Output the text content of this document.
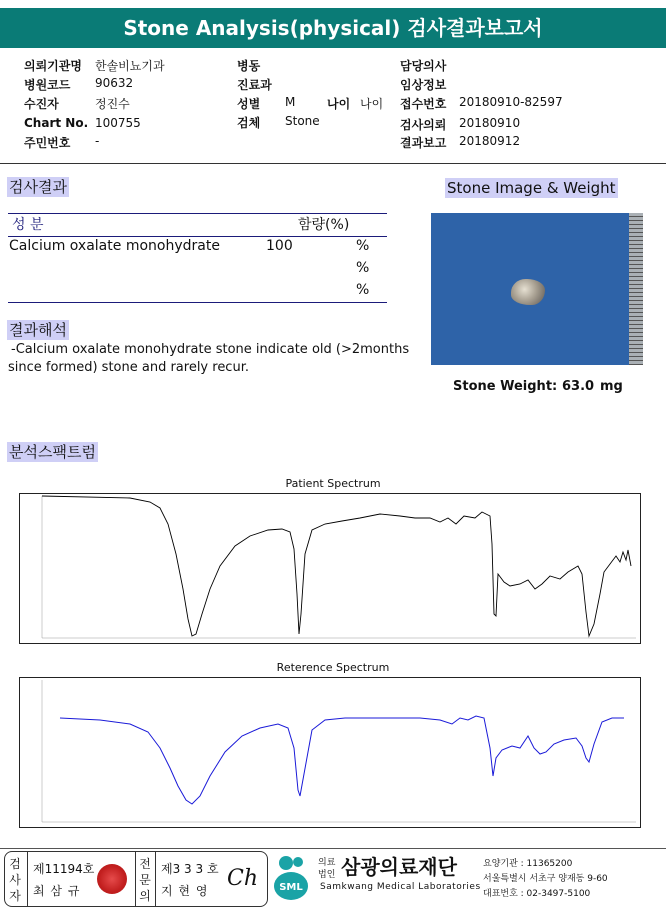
Stone Analysis(physical) 검사결과보고서
의뢰기관명 한솔비뇨기과
병원코드 90632
수진자	정진수
Chart No. 100755
주민번호 -
병동
진료과
성별 M	나이 나이
검체 Stone
담당의사
임상정보
접수번호 20180910-82597
검사의뢰 20180910
결과보고 20180912
검사결과
성 분	함량(%)
Calcium oxalate monohydrate	100	%
%
%
결과해석
-Calcium oxalate monohydrate stone indicate old (>2months
since formed) stone and rarely recur.
Stone Image & Weight
Stone Weight: 63.0 mg
분석스팩트럼
Patient Spectrum
Reterence Spectrum
검사자
제11194호
최 삼 규
전문의
제3 3 3 호
지 현 영 Ch SML
의료
법인 삼광의료재단
Samkwang Medical Laboratories
요양기관 : 11365200
서울특별시 서초구 양재동 9-60
대표번호 : 02-3497-5100
